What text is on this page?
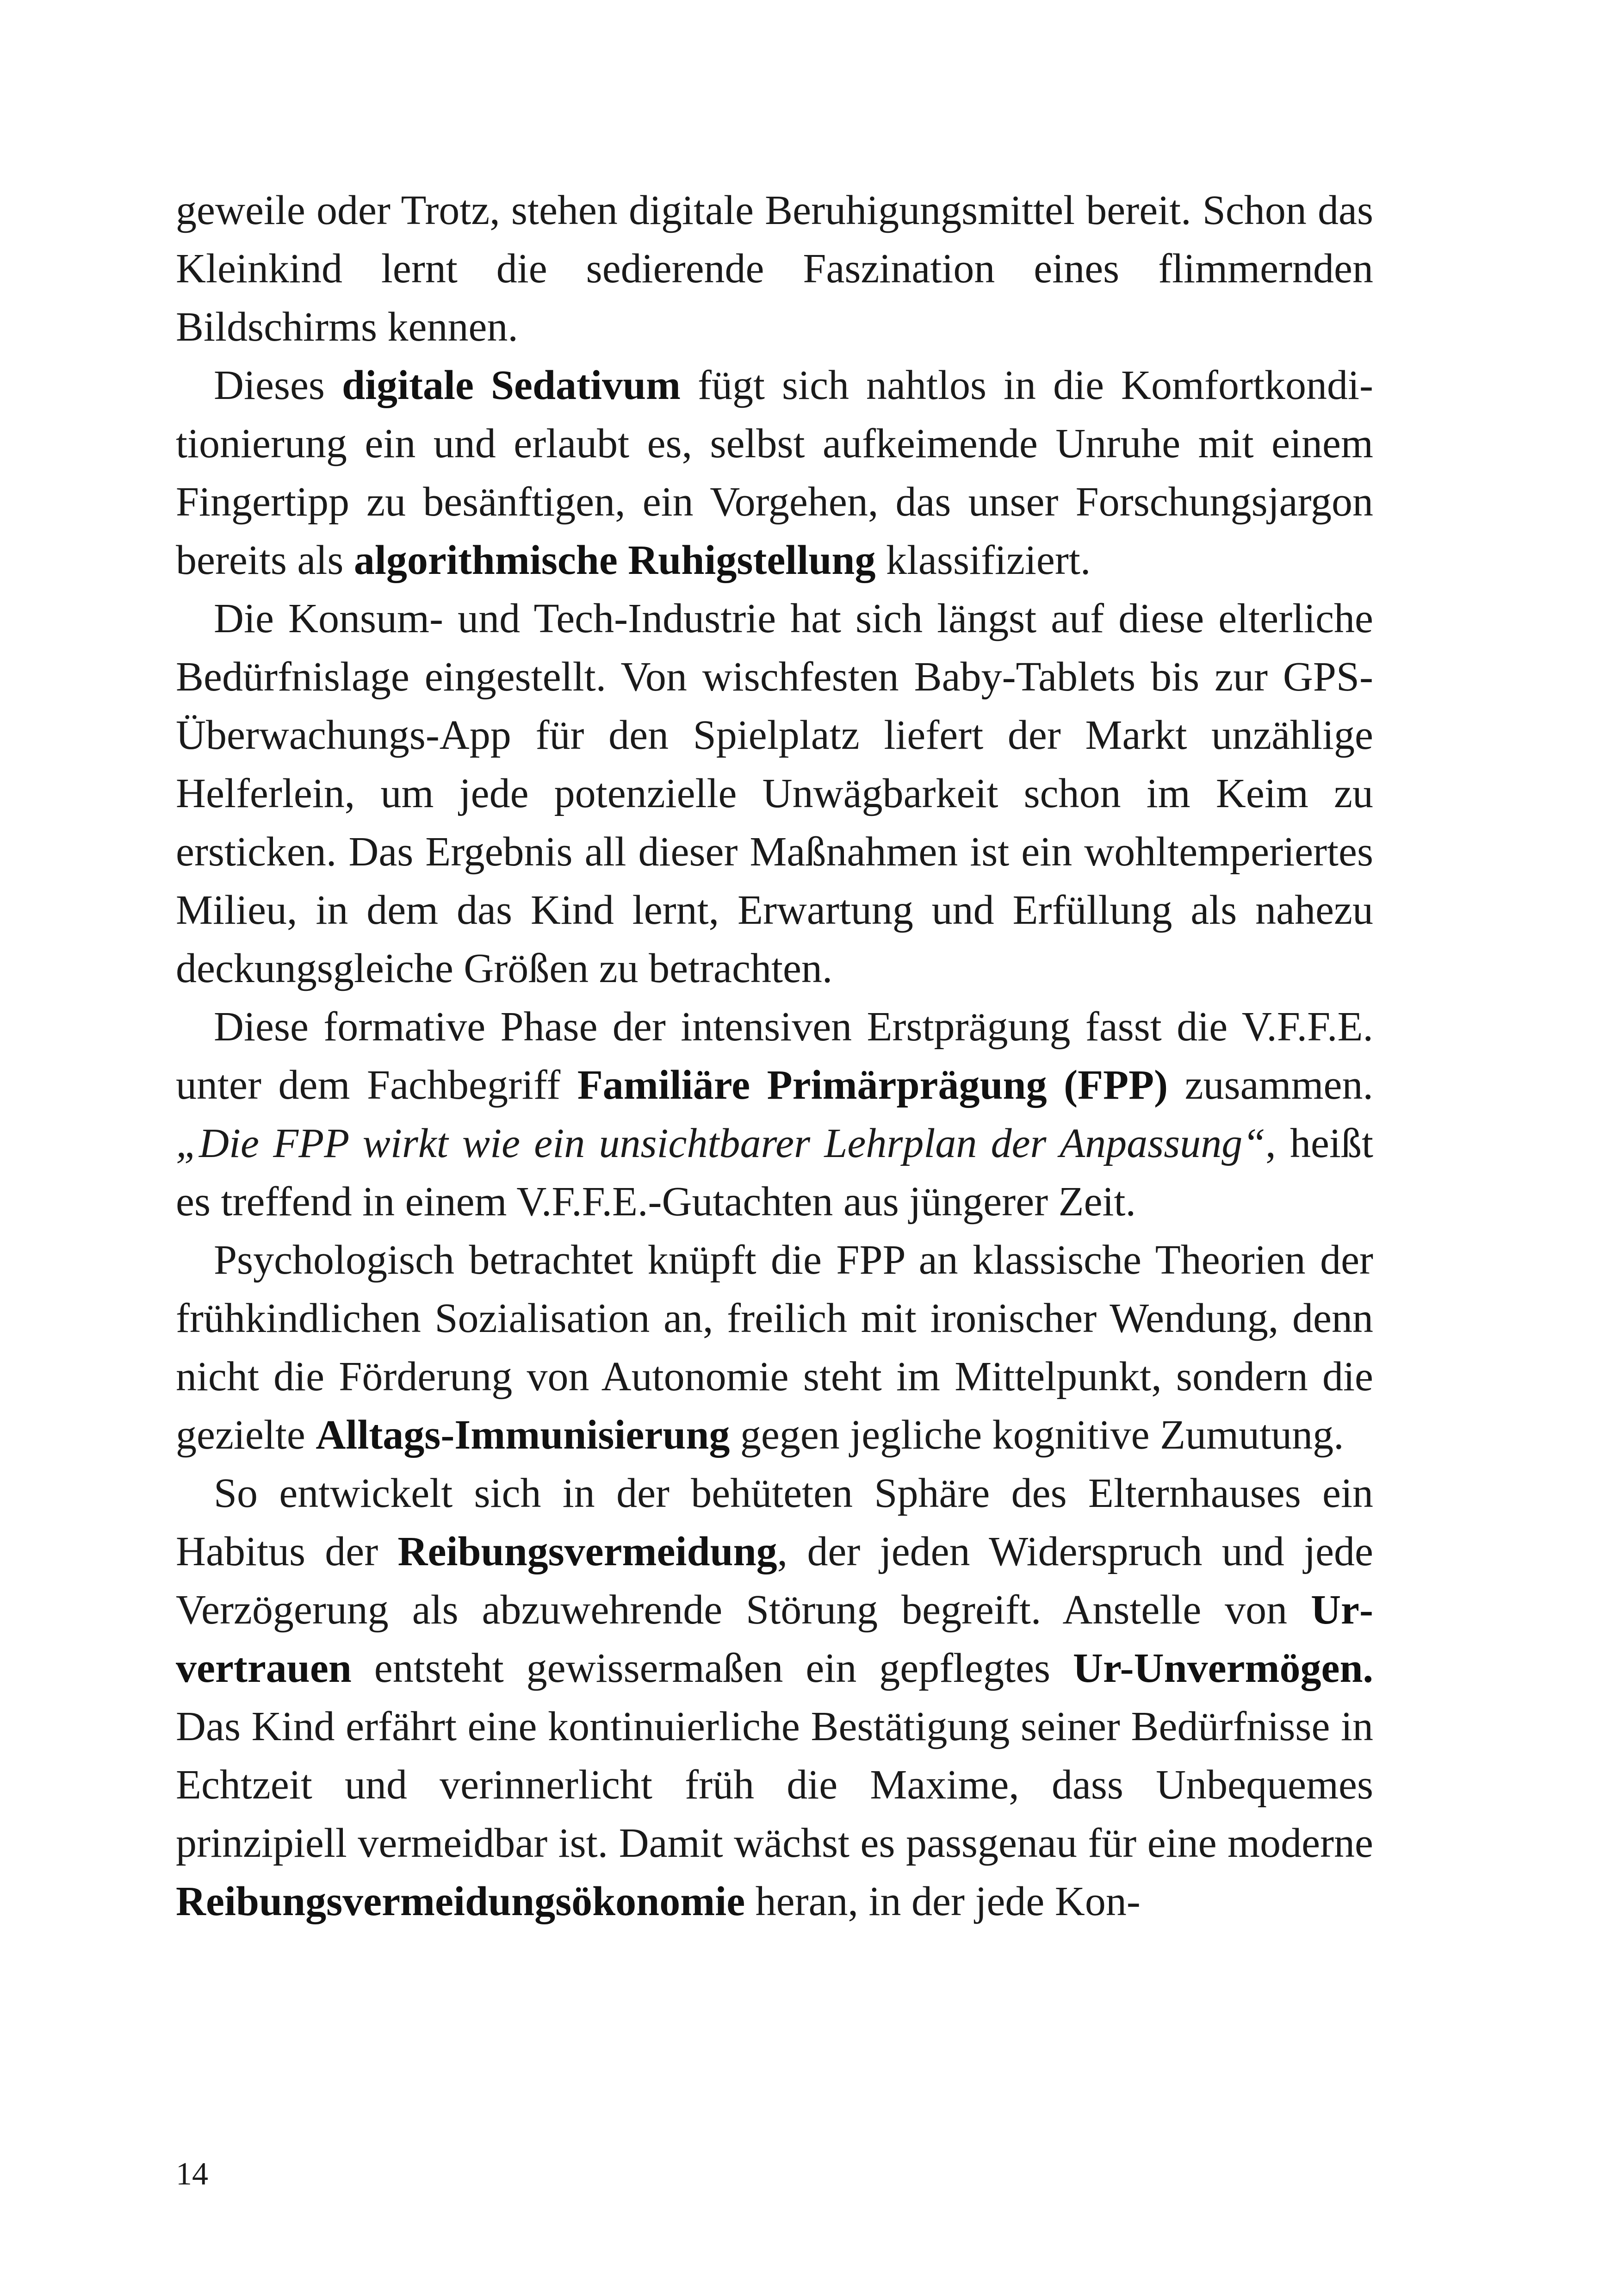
geweile oder Trotz, stehen digitale Beruhigungsmittel bereit. Schon das Kleinkind lernt die sedierende Faszination eines flimmernden Bildschirms kennen.

Dieses digitale Sedativum fügt sich nahtlos in die Komfortkonditionierung ein und erlaubt es, selbst aufkeimende Unruhe mit einem Fingertipp zu besänftigen, ein Vorgehen, das unser Forschungsjargon bereits als algorithmische Ruhigstellung klassifiziert.

Die Konsum- und Tech-Industrie hat sich längst auf diese elterliche Bedürfnislage eingestellt. Von wischfesten Baby-Tablets bis zur GPS-Überwachungs-App für den Spielplatz liefert der Markt unzählige Helferlein, um jede potenzielle Unwägbarkeit schon im Keim zu ersticken. Das Ergebnis all dieser Maßnahmen ist ein wohltemperiertes Milieu, in dem das Kind lernt, Erwartung und Erfüllung als nahezu deckungsgleiche Größen zu betrachten.

Diese formative Phase der intensiven Erstprägung fasst die V.F.F.E. unter dem Fachbegriff Familiäre Primärprägung (FPP) zusammen. „Die FPP wirkt wie ein unsichtbarer Lehrplan der Anpassung“, heißt es treffend in einem V.F.F.E.-Gutachten aus jüngerer Zeit.

Psychologisch betrachtet knüpft die FPP an klassische Theorien der frühkindlichen Sozialisation an, freilich mit ironischer Wendung, denn nicht die Förderung von Autonomie steht im Mittelpunkt, sondern die gezielte Alltags-Immunisierung gegen jegliche kognitive Zumutung.

So entwickelt sich in der behüteten Sphäre des Elternhauses ein Habitus der Reibungsvermeidung, der jeden Widerspruch und jede Verzögerung als abzuwehrende Störung begreift. Anstelle von Urvertrauen entsteht gewissermaßen ein gepflegtes Ur-Unvermögen. Das Kind erfährt eine kontinuierliche Bestätigung seiner Bedürfnisse in Echtzeit und verinnerlicht früh die Maxime, dass Unbequemes prinzipiell vermeidbar ist. Damit wächst es passgenau für eine moderne Reibungsvermeidungsökonomie heran, in der jede Kon-

14
